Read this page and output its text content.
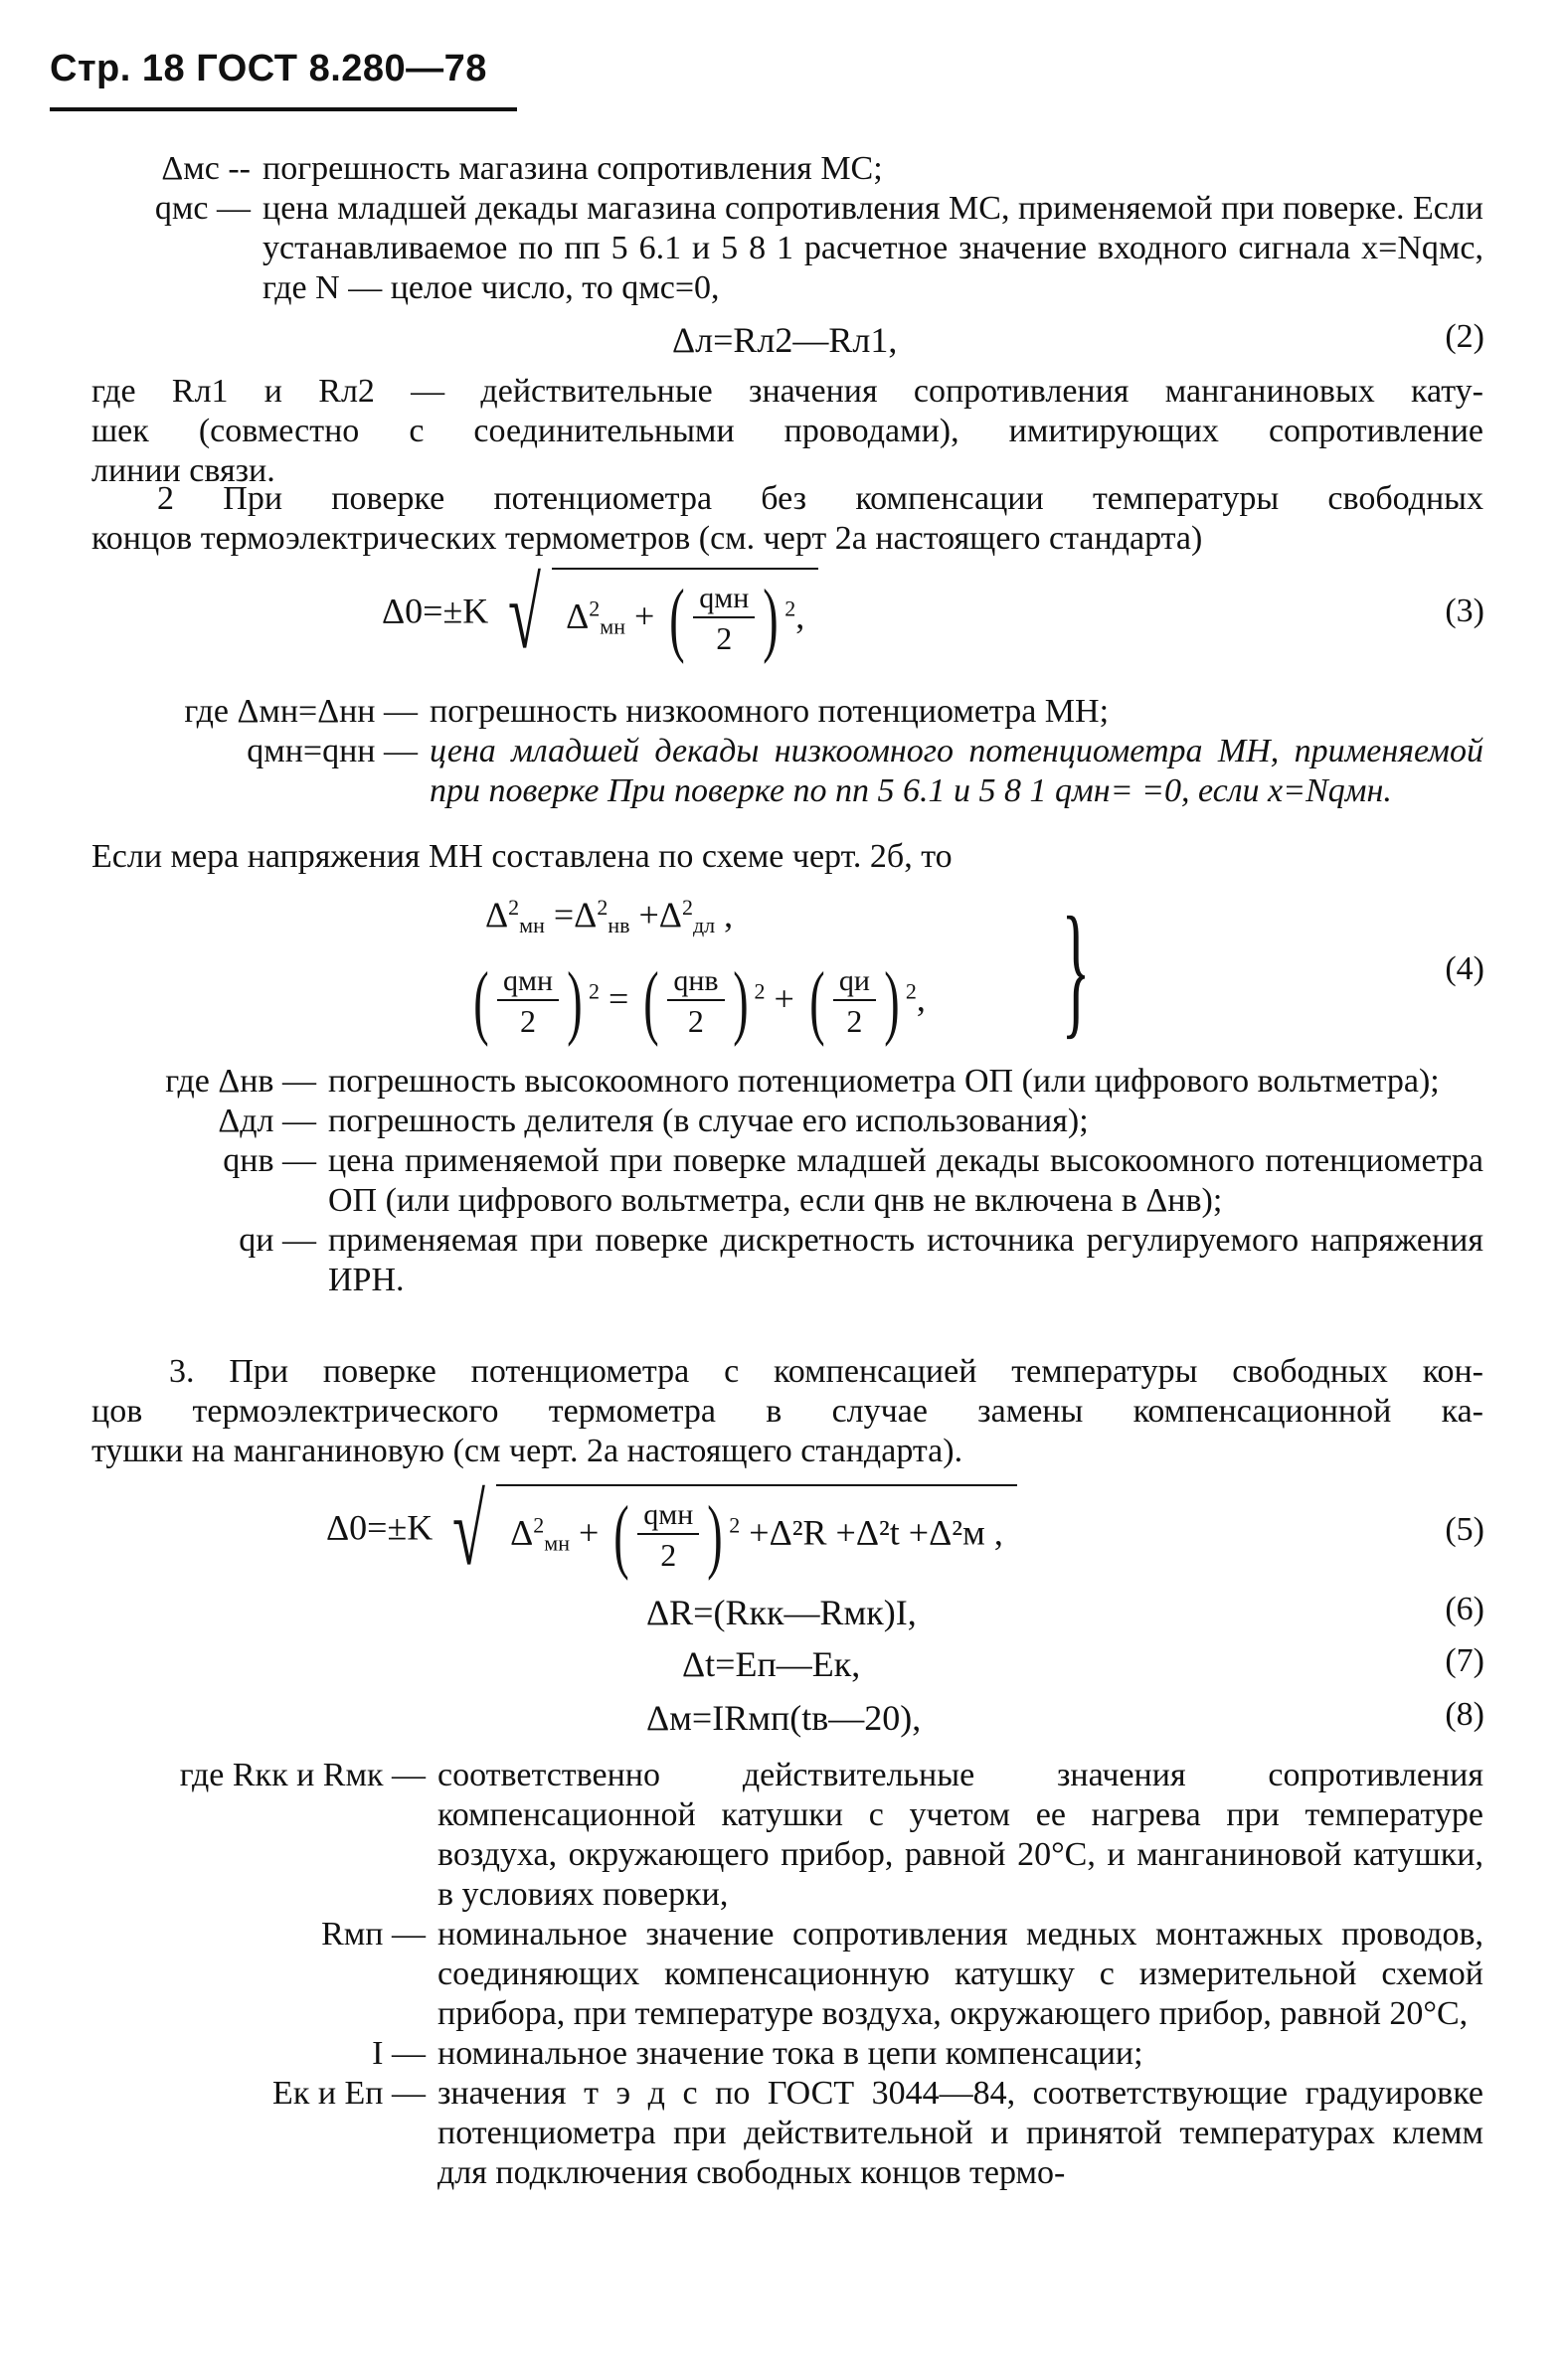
Стр. 18 ГОСТ 8.280—78
Δмс -- погрешность магазина сопротивления МС;
qмс — цена младшей декады магазина сопротивления МС, применяемой при поверке. Если устанавливаемое по пп 5 6.1 и 5 8 1 расчетное значение входного сигнала x=Nqмс, где N — целое число, то qмс=0,
Δл=Rл2—Rл1,	(2)
где Rл1 и Rл2 — действительные значения сопротивления манганиновых кату-
шек (совместно с соединительными проводами), имитирующих сопротивление
линии связи.
2 При поверке потенциометра без компенсации температуры свободных
концов термоэлектрических термометров (см. черт 2а настоящего стандарта)
Δ0=±K √ $\Delta^2_{мн}$ + ( $\frac{\text{qмн}}{2}$ ) $^2$,	(3)
где Δмн=Δнн — погрешность низкоомного потенциометра МН;
qмн=qнн — цена младшей декады низкоомного потенциометра МН, применяемой при поверке При поверке по пп 5 6.1 и 5 8 1 qмн= =0, если x=Nqмн.
Если мера напряжения МН составлена по схеме черт. 2б, то
$\Delta^2_{мн} =\Delta^2_{нв} +\Delta^2_{дл}$ ,
( $\frac{\text{qмн}}{2}$ ) $^2$ = ( $\frac{\text{qнв}}{2}$ ) $^2$ + ( $\frac{qи}{2}$ ) $^2$, }	(4)
где Δнв — погрешность высокоомного потенциометра ОП (или цифрового вольтметра);
Δдл — погрешность делителя (в случае его использования);
qнв — цена применяемой при поверке младшей декады высокоомного потенциометра ОП (или цифрового вольтметра, если qнв не включена в Δнв);
qи — применяемая при поверке дискретность источника регулируемого напряжения ИРН.
3. При поверке потенциометра с компенсацией температуры свободных кон-
цов термоэлектрического термометра в случае замены компенсационной ка-
тушки на манганиновую (см черт. 2а настоящего стандарта).
Δ0=±K √ $\Delta^2_{мн}$ + ( $\frac{\text{qмн}}{2}$ ) $^2$ +Δ²R +Δ²t +Δ²м ,	(5)
ΔR=(Rкк—Rмк)I,	(6)
Δt=Eп—Eк,	(7)
Δм=IRмп(tв—20),	(8)
где Rкк и Rмк — соответственно действительные значения сопротивления компенсационной катушки с учетом ее нагрева при температуре воздуха, окружающего прибор, равной 20°С, и манганиновой катушки, в условиях поверки,
Rмп — номинальное значение сопротивления медных монтажных проводов, соединяющих компенсационную катушку с измерительной схемой прибора, при температуре воздуха, окружающего прибор, равной 20°С,
I — номинальное значение тока в цепи компенсации;
Eк и Eп — значения т э д с по ГОСТ 3044—84, соответствующие градуировке потенциометра при действительной и принятой температурах клемм для подключения свободных концов термо-
